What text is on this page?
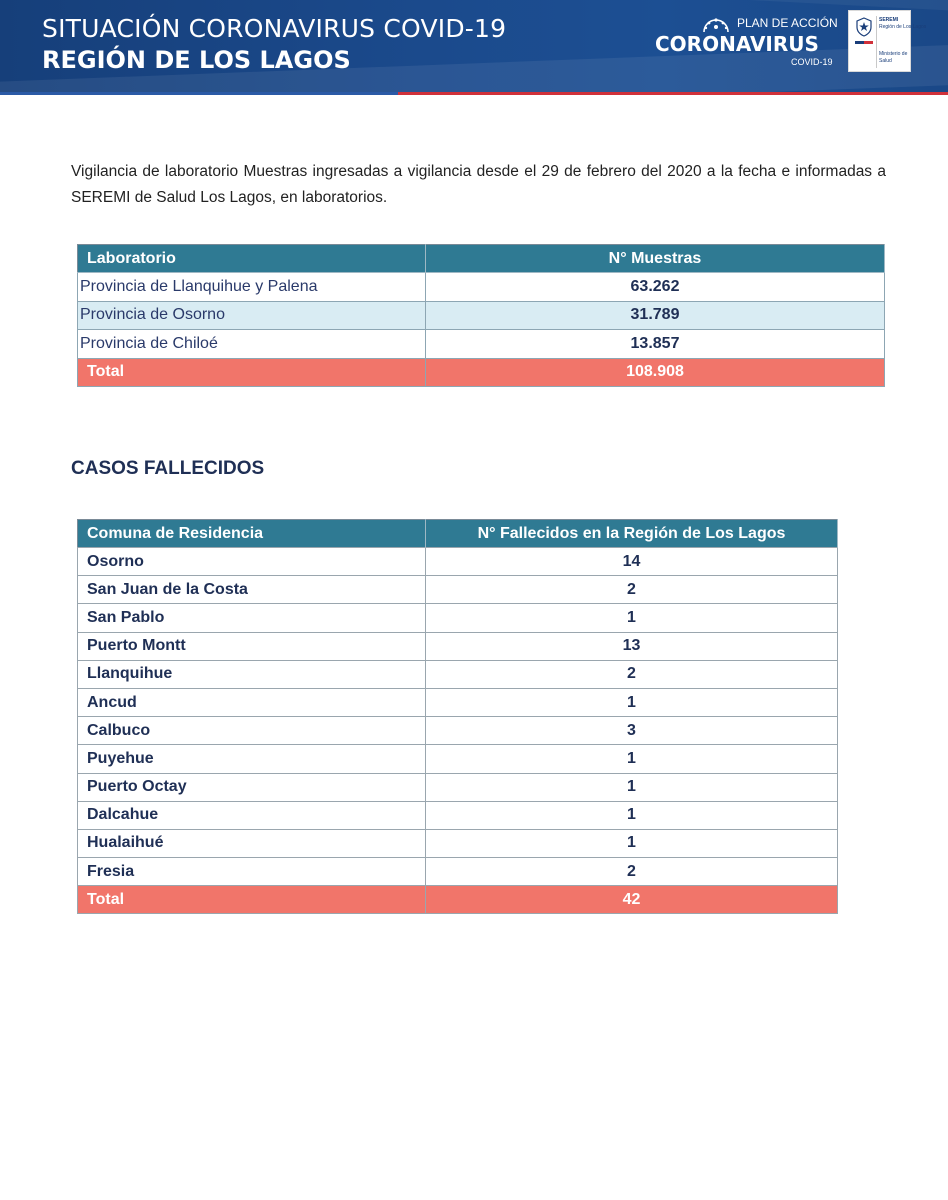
SITUACIÓN CORONAVIRUS COVID-19
REGIÓN DE LOS LAGOS
PLAN DE ACCIÓN
CORONAVIRUS
COVID-19
SEREMI
Región de Los Lagos
Ministerio de
Salud
Vigilancia de laboratorio Muestras ingresadas a vigilancia desde el 29 de febrero del 2020 a la fecha e informadas a SEREMI de Salud Los Lagos, en laboratorios.
Laboratorio	N° Muestras
Provincia de Llanquihue y Palena	63.262
Provincia de Osorno	31.789
Provincia de Chiloé	13.857
Total	108.908
CASOS FALLECIDOS
Comuna de Residencia	N° Fallecidos en la Región de Los Lagos
Osorno	14
San Juan de la Costa	2
San Pablo	1
Puerto Montt	13
Llanquihue	2
Ancud	1
Calbuco	3
Puyehue	1
Puerto Octay	1
Dalcahue	1
Hualaihué	1
Fresia	2
Total	42
